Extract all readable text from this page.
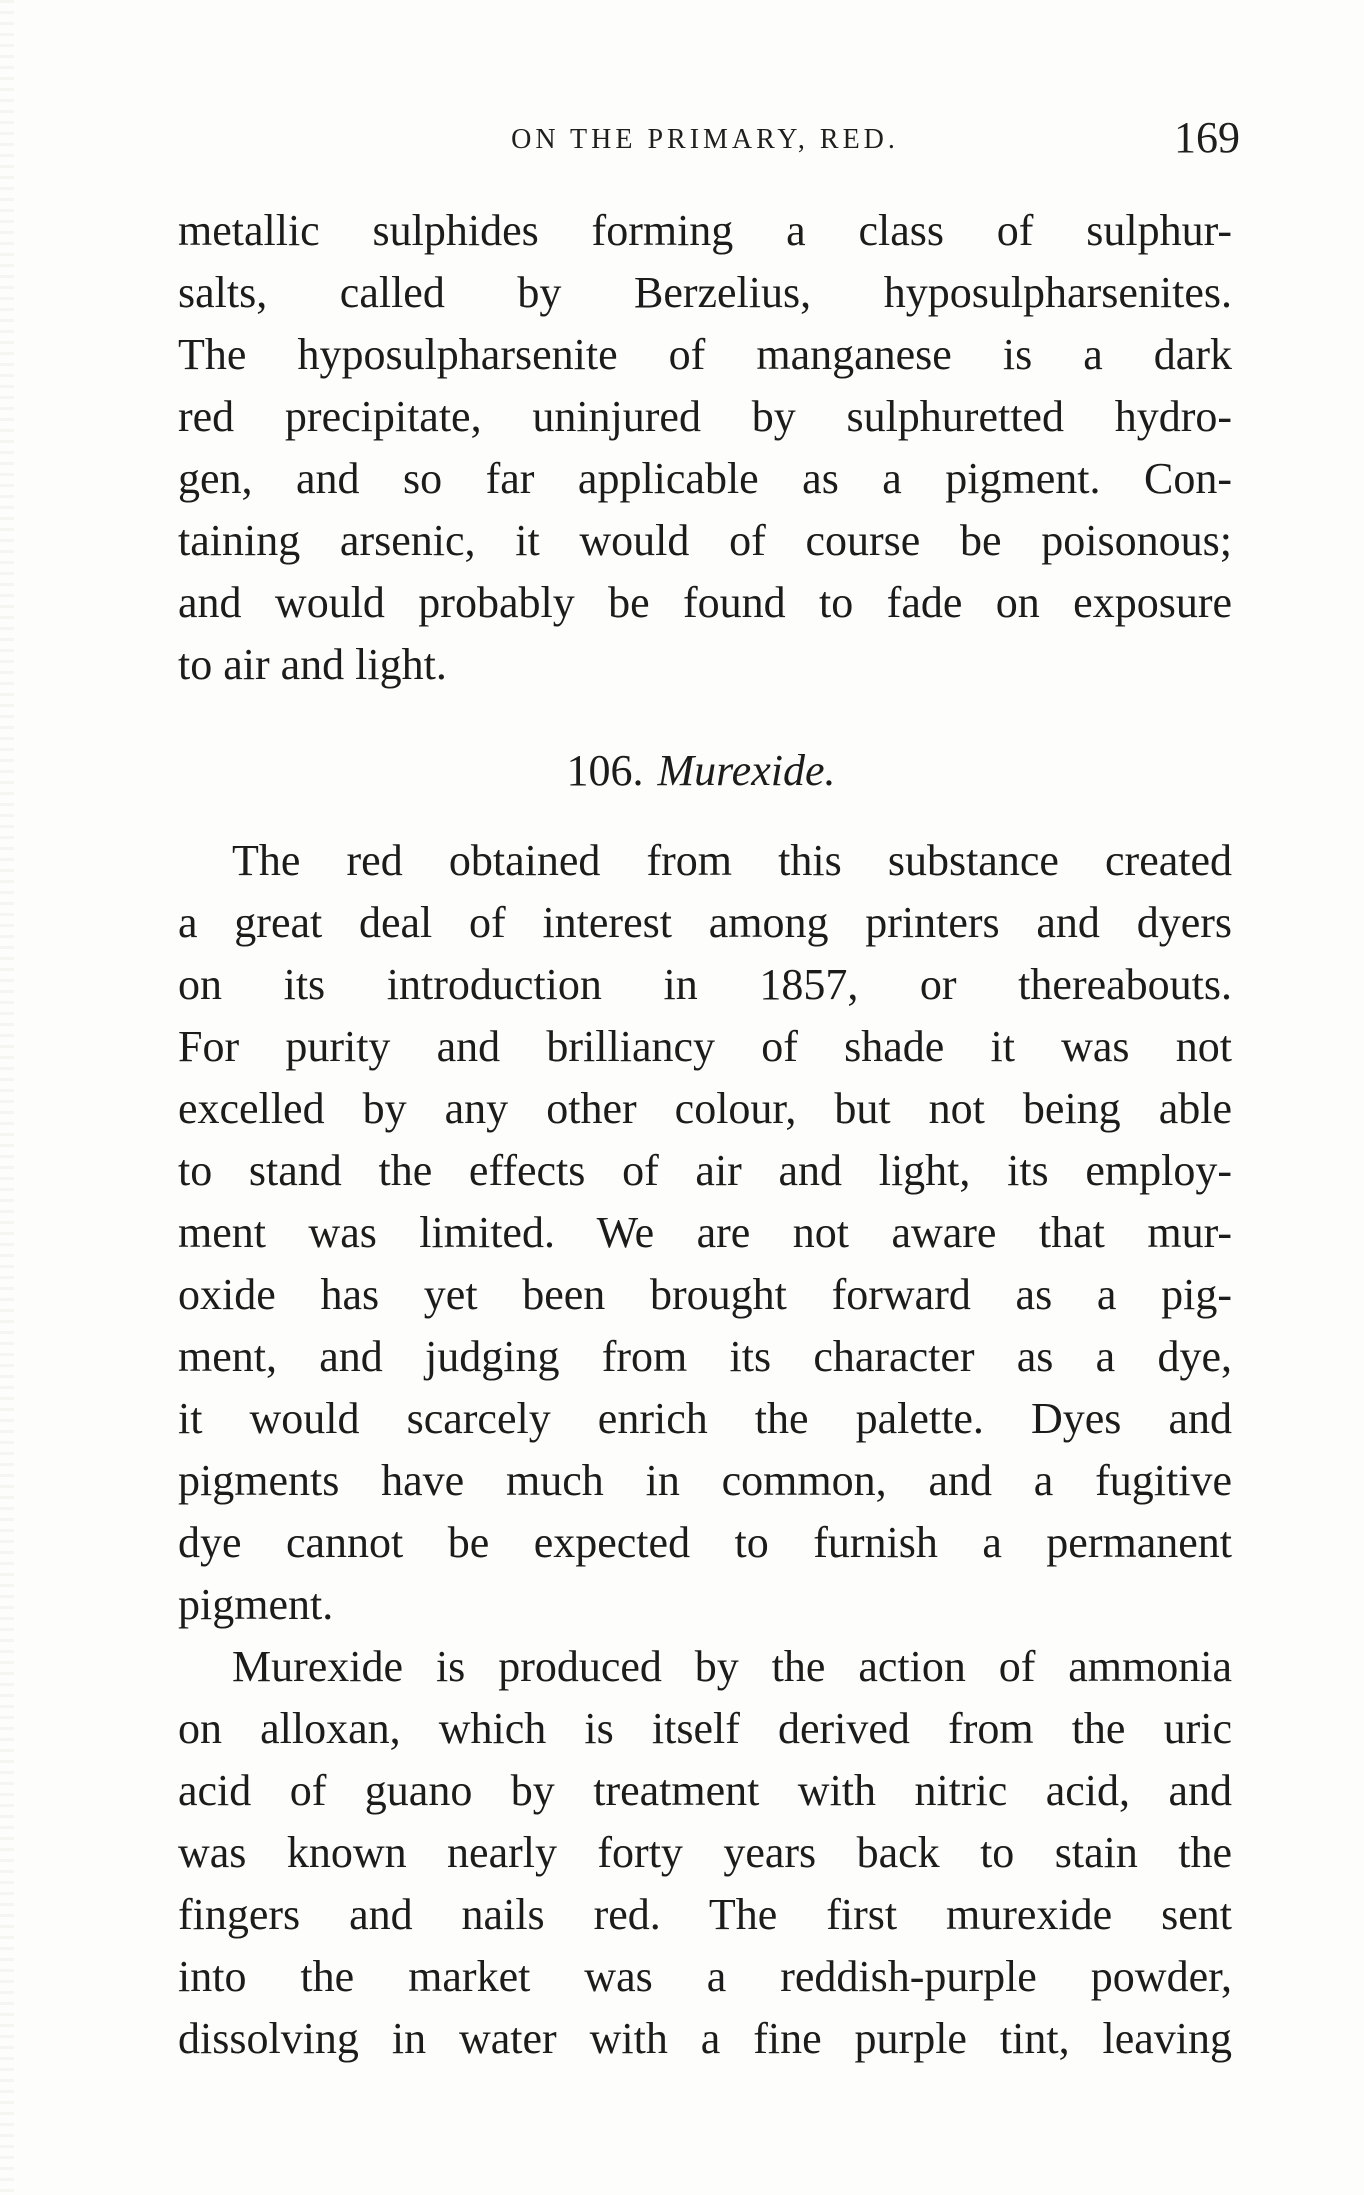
ON THE PRIMARY, RED.	169
metallic sulphides forming a class of sulphur-
salts, called by Berzelius, hyposulpharsenites.
The hyposulpharsenite of manganese is a dark
red precipitate, uninjured by sulphuretted hydro-
gen, and so far applicable as a pigment. Con-
taining arsenic, it would of course be poisonous;
and would probably be found to fade on exposure
to air and light.
106. Murexide.
The red obtained from this substance created
a great deal of interest among printers and dyers
on its introduction in 1857, or thereabouts.
For purity and brilliancy of shade it was not
excelled by any other colour, but not being able
to stand the effects of air and light, its employ-
ment was limited. We are not aware that mur-
oxide has yet been brought forward as a pig-
ment, and judging from its character as a dye,
it would scarcely enrich the palette. Dyes and
pigments have much in common, and a fugitive
dye cannot be expected to furnish a permanent
pigment.
Murexide is produced by the action of ammonia
on alloxan, which is itself derived from the uric
acid of guano by treatment with nitric acid, and
was known nearly forty years back to stain the
fingers and nails red. The first murexide sent
into the market was a reddish-purple powder,
dissolving in water with a fine purple tint, leaving
